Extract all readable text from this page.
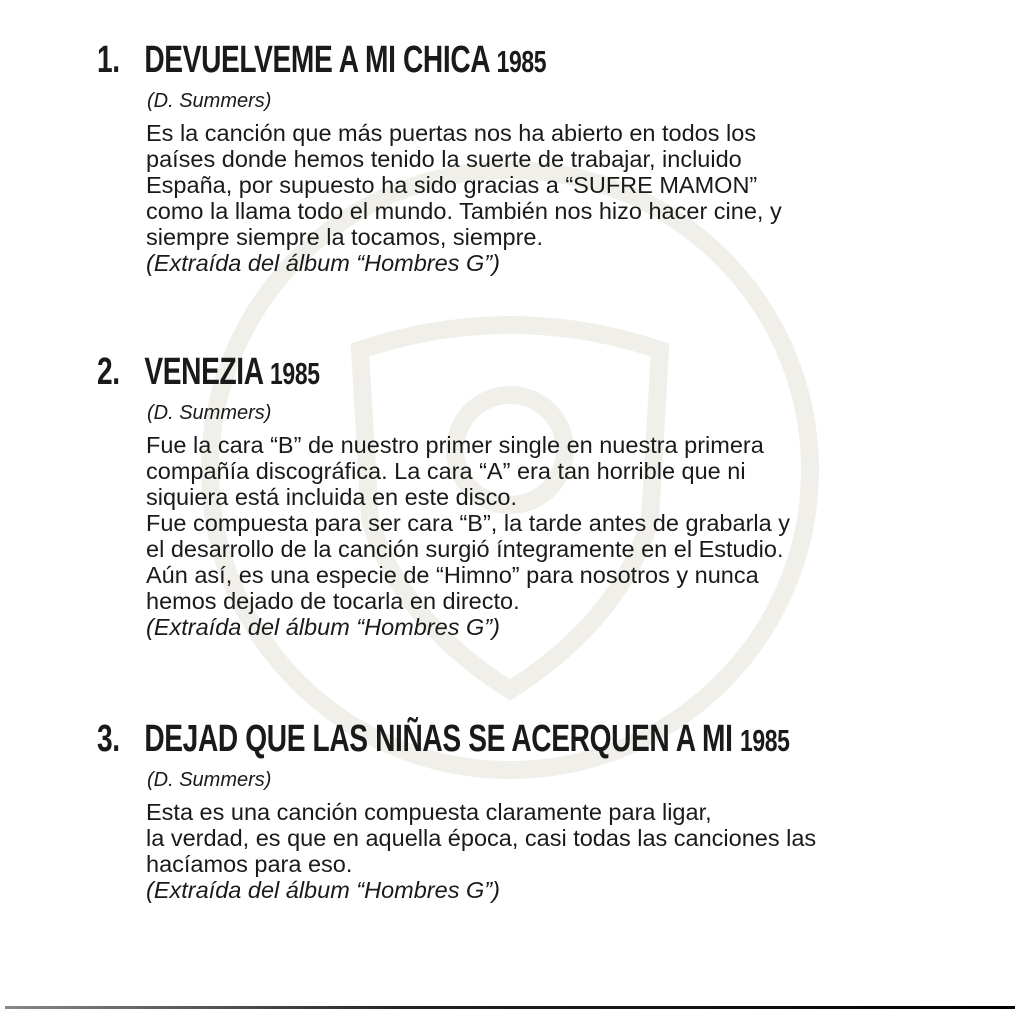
1. DEVUELVEME A MI CHICA 1985
(D. Summers)
Es la canción que más puertas nos ha abierto en todos los
países donde hemos tenido la suerte de trabajar, incluido
España, por supuesto ha sido gracias a “SUFRE MAMON”
como la llama todo el mundo. También nos hizo hacer cine, y
siempre siempre la tocamos, siempre.
(Extraída del álbum “Hombres G”)
2. VENEZIA 1985
(D. Summers)
Fue la cara “B” de nuestro primer single en nuestra primera
compañía discográfica. La cara “A” era tan horrible que ni
siquiera está incluida en este disco.
Fue compuesta para ser cara “B”, la tarde antes de grabarla y
el desarrollo de la canción surgió íntegramente en el Estudio.
Aún así, es una especie de “Himno” para nosotros y nunca
hemos dejado de tocarla en directo.
(Extraída del álbum “Hombres G”)
3. DEJAD QUE LAS NIÑAS SE ACERQUEN A MI 1985
(D. Summers)
Esta es una canción compuesta claramente para ligar,
la verdad, es que en aquella época, casi todas las canciones las
hacíamos para eso.
(Extraída del álbum “Hombres G”)
